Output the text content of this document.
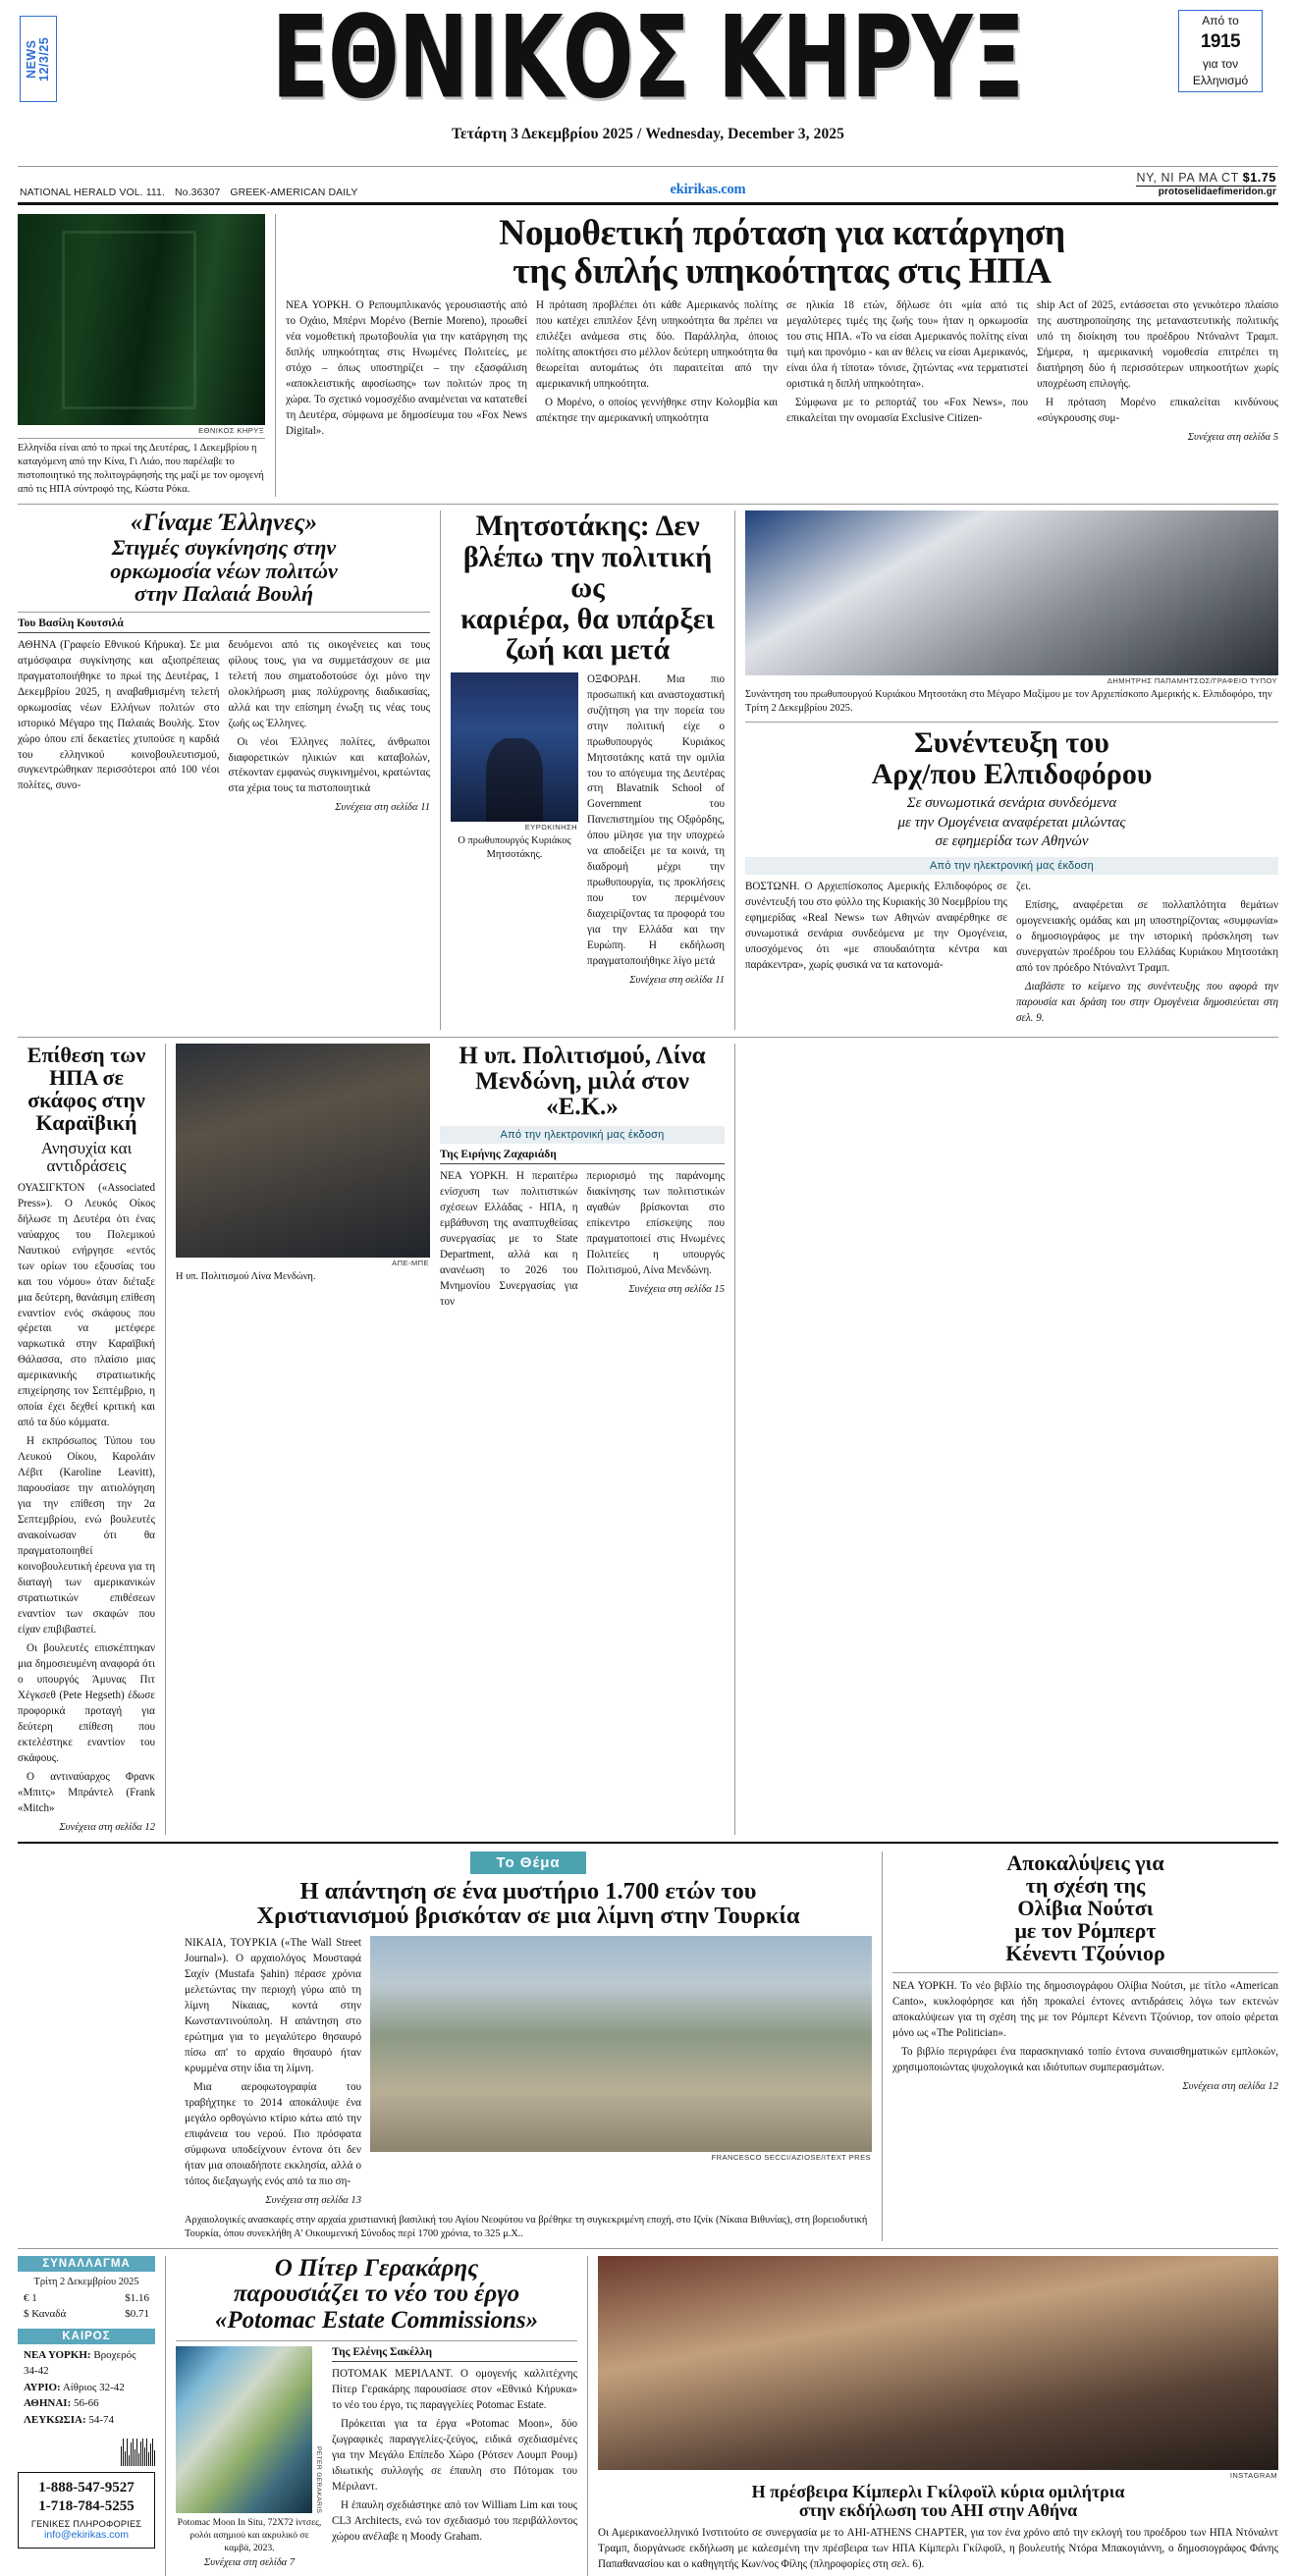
NEWS 12/3/25
Από το
1915
για τον
Ελληνισμό
ΕΘΝΙΚΟΣ ΚΗΡΥΞ
Τετάρτη 3 Δεκεμβρίου 2025 / Wednesday, December 3, 2025
NATIONAL HERALD VOL. 111. No.36307 GREEK-AMERICAN DAILY	ekirikas.com
NY, NI PA MA CT $1.75
protoselidaefimeridon.gr
ΕΘΝΙΚΟΣ ΚΗΡΥΞ
Ελληνίδα είναι από το πρωί της Δευτέρας, 1 Δεκεμβρίου η καταγόμενη από την Κίνα, Γι Λιάο, που παρέλαβε το πιστοποιητικό της πολιτογράφησής της μαζί με τον ομογενή από τις ΗΠΑ σύντροφό της, Κώστα Ρόκα.
Νομοθετική πρόταση για κατάργηση
της διπλής υπηκοότητας στις ΗΠΑ

ΝΕΑ ΥΟΡΚΗ. Ο Ρεπουμπλικανός γερουσιαστής από το Οχάιο, Μπέρνι Μορένο (Bernie Moreno), προωθεί νέα νομοθετική πρωτοβουλία για την κατάργηση της διπλής υπηκοότητας στις Ηνωμένες Πολιτείες, με στόχο – όπως υποστηρίζει – την εξασφάλιση «αποκλειστικής αφοσίωσης» των πολιτών προς τη χώρα. Το σχετικό νομοσχέδιο αναμένεται να κατατεθεί τη Δευτέρα, σύμφωνα με δημοσίευμα του «Fox News Digital».

Η πρόταση προβλέπει ότι κάθε Αμερικανός πολίτης που κατέχει επιπλέον ξένη υπηκοότητα θα πρέπει να επιλέξει ανάμεσα στις δύο. Παράλληλα, όποιος πολίτης αποκτήσει στο μέλλον δεύτερη υπηκοότητα θα θεωρείται αυτομάτως ότι παραιτείται από την αμερικανική υπηκοότητα.

Ο Μορένο, ο οποίος γεννήθηκε στην Κολομβία και απέκτησε την αμερικανική υπηκοότητα

σε ηλικία 18 ετών, δήλωσε ότι «μία από τις μεγαλύτερες τιμές της ζωής του» ήταν η ορκωμοσία του στις ΗΠΑ. «Το να είσαι Αμερικανός πολίτης είναι τιμή και προνόμιο - και αν θέλεις να είσαι Αμερικανός, είναι όλα ή τίποτα» τόνισε, ζητώντας «να τερματιστεί οριστικά η διπλή υπηκοότητα».

Σύμφωνα με το ρεπορτάζ του «Fox News», που επικαλείται την ονομασία Exclusive Citizen-

ship Act of 2025, εντάσσεται στο γενικότερο πλαίσιο της αυστηροποίησης της μεταναστευτικής πολιτικής υπό τη διοίκηση του προέδρου Ντόναλντ Τραμπ. Σήμερα, η αμερικανική νομοθεσία επιτρέπει τη διατήρηση δύο ή περισσότερων υπηκοοτήτων χωρίς υποχρέωση επιλογής.

Η πρόταση Μορένο επικαλείται κινδύνους «σύγκρουσης συμ-

Συνέχεια στη σελίδα 5
«Γίναμε Έλληνες»
Στιγμές συγκίνησης στην
ορκωμοσία νέων πολιτών
στην Παλαιά Βουλή
Του Βασίλη Κουτσιλά

ΑΘΗΝΑ (Γραφείο Εθνικού Κήρυκα). Σε μια ατμόσφαιρα συγκίνησης και αξιοπρέπειας πραγματοποιήθηκε το πρωί της Δευτέρας, 1 Δεκεμβρίου 2025, η αναβαθμισμένη τελετή ορκωμοσίας νέων Ελλήνων πολιτών στο ιστορικό Μέγαρο της Παλαιάς Βουλής. Στον χώρο όπου επί δεκαετίες χτυπούσε η καρδιά του ελληνικού κοινοβουλευτισμού, συγκεντρώθηκαν περισσότεροι από 100 νέοι πολίτες, συνο-

δευόμενοι από τις οικογένειες και τους φίλους τους, για να συμμετάσχουν σε μια τελετή που σηματοδοτούσε όχι μόνο την ολοκλήρωση μιας πολύχρονης διαδικασίας, αλλά και την επίσημη ένωξη τις νέας τους ζωής ως Έλληνες.

Οι νέοι Έλληνες πολίτες, άνθρωποι διαφορετικών ηλικιών και καταβολών, στέκονταν εμφανώς συγκινημένοι, κρατώντας στα χέρια τους τα πιστοποιητικά

Συνέχεια στη σελίδα 11
Μητσοτάκης: Δεν
βλέπω την πολιτική ως
καριέρα, θα υπάρξει
ζωή και μετά
ΕΥΡΩΚΙΝΗΣΗ
Ο πρωθυπουργός Κυριάκος Μητσοτάκης.

ΟΞΦΟΡΔΗ. Μια πιο προσωπική και αναστοχαστική συζήτηση για την πορεία του στην πολιτική είχε ο πρωθυπουργός Κυριάκος Μητσοτάκης κατά την ομιλία του το απόγευμα της Δευτέρας στη Blavatnik School of Government του Πανεπιστημίου της Οξφόρδης, όπου μίλησε για την υποχρεώ να αποδείξει με τα κοινά, τη διαδρομή μέχρι την πρωθυπουργία, τις προκλήσεις που τον περιμένουν διαχειρίζοντας τα προφορά του για την Ελλάδα και την Ευρώπη. Η εκδήλωση πραγματοποιήθηκε λίγο μετά

Συνέχεια στη σελίδα 11
ΔΗΜΗΤΡΗΣ ΠΑΠΑΜΗΤΣΟΣ/ΓΡΑΦΕΙΟ ΤΥΠΟΥ
Συνάντηση του πρωθυπουργού Κυριάκου Μητσοτάκη στο Μέγαρο Μαξίμου με τον Αρχιεπίσκοπο Αμερικής κ. Ελπιδοφόρο, την Τρίτη 2 Δεκεμβρίου 2025.
Συνέντευξη του
Αρχ/που Ελπιδοφόρου
Σε συνωμοτικά σενάρια συνδεόμενα
με την Ομογένεια αναφέρεται μιλώντας
σε εφημερίδα των Αθηνών
Από την ηλεκτρονική μας έκδοση

ΒΟΣΤΩΝΗ. Ο Αρχιεπίσκοπος Αμερικής Ελπιδοφόρος σε συνέντευξή του στο φύλλο της Κυριακής 30 Νοεμβρίου της εφημερίδας «Real News» των Αθηνών αναφέρθηκε σε συνωμοτικά σενάρια συνδεόμενα με την Ομογένεια, υποσχόμενος ότι «με σπουδαιότητα κέντρα και παράκεντρα», χωρίς φυσικά να τα κατονομά-

ζει.

Επίσης, αναφέρεται σε πολλαπλότητα θεμάτων ομογενειακής ομάδας και μη υποστηρίζοντας «συμφωνία» ο δημοσιογράφος με την ιστορική πρόσκληση των συνεργατών προέδρου του Ελλάδας Κυριάκου Μητσοτάκη από τον πρόεδρο Ντόναλντ Τραμπ.

Διαβάστε το κείμενο της συνέντευξης που αφορά την παρουσία και δράση του στην Ομογένεια δημοσιεύεται στη σελ. 9.

Επίθεση των
ΗΠΑ σε
σκάφος στην
Καραϊβική
Ανησυχία και
αντιδράσεις

ΟΥΑΣΙΓΚΤΟΝ («Associated Press»). Ο Λευκός Οίκος δήλωσε τη Δευτέρα ότι ένας ναύαρχος του Πολεμικού Ναυτικού ενήργησε «εντός των ορίων του εξουσίας του και του νόμου» όταν διέταξε μια δεύτερη, θανάσιμη επίθεση εναντίον ενός σκάφους που φέρεται να μετέφερε ναρκωτικά στην Καραϊβική Θάλασσα, στο πλαίσιο μιας αμερικανικής στρατιωτικής επιχείρησης τον Σεπτέμβριο, η οποία έχει δεχθεί κριτική και από τα δύο κόμματα.

Η εκπρόσωπος Τύπου του Λευκού Οίκου, Καρολάιν Λέβιτ (Karoline Leavitt), παρουσίασε την αιτιολόγηση για την επίθεση την 2α Σεπτεμβρίου, ενώ βουλευτές ανακοίνωσαν ότι θα πραγματοποιηθεί κοινοβουλευτική έρευνα για τη διαταγή των αμερικανικών στρατιωτικών επιθέσεων εναντίον των σκαφών που είχαν επιβιβαστεί.

Οι βουλευτές επισκέπτηκαν μια δημοσιευμένη αναφορά ότι ο υπουργός Άμυνας Πιτ Χέγκσεθ (Pete Hegseth) έδωσε προφορικά προταγή για δεύτερη επίθεση που εκτελέστηκε εναντίον του σκάφους.

Ο αντιναύαρχος Φρανκ «Μπιτς» Μπράντελ (Frank «Mitch»

Συνέχεια στη σελίδα 12
ΑΠΕ-ΜΠΕ
Η υπ. Πολιτισμού Λίνα Μενδώνη.
Η υπ. Πολιτισμού, Λίνα
Μενδώνη, μιλά στον «Ε.Κ.»
Από την ηλεκτρονική μας έκδοση
Της Ειρήνης Ζαχαριάδη

ΝΕΑ ΥΟΡΚΗ. Η περαιτέρω ενίσχυση των πολιτιστικών σχέσεων Ελλάδας - ΗΠΑ, η εμβάθυνση της αναπτυχθείσας συνεργασίας με το State Department, αλλά και η ανανέωση το 2026 του Μνημονίου Συνεργασίας για τον

περιορισμό της παράνομης διακίνησης των πολιτιστικών αγαθών βρίσκονται στο επίκεντρο επίσκεψης που πραγματοποιεί στις Ηνωμένες Πολιτείες η υπουργός Πολιτισμού, Λίνα Μενδώνη.

Συνέχεια στη σελίδα 15
Το Θέμα
Η απάντηση σε ένα μυστήριο 1.700 ετών του
Χριστιανισμού βρισκόταν σε μια λίμνη στην Τουρκία

ΝΙΚΑΙΑ, ΤΟΥΡΚΙΑ («The Wall Street Journal»). Ο αρχαιολόγος Μουσταφά Σαχίν (Mustafa Şahin) πέρασε χρόνια μελετώντας την περιοχή γύρω από τη λίμνη Νίκαιας, κοντά στην Κωνσταντινούπολη. Η απάντηση στο ερώτημα για το μεγαλύτερο θησαυρό πίσω απ' το αρχαίο θησαυρό ήταν κρυμμένα στην ίδια τη λίμνη.

Μια αεροφωτογραφία του τραβήχτηκε το 2014 αποκάλυψε ένα μεγάλο ορθογώνιο κτίριο κάτω από την επιφάνεια του νερού. Πιο πρόσφατα σύμφωνα υποδείχνουν έντονα ότι δεν ήταν μια οποιαδήποτε εκκλησία, αλλά ο τόπος διεξαγωγής ενός από τα πιο ση-

Συνέχεια στη σελίδα 13
FRANCESCO SECCI/AZIOSE/ITEXT PRES
Αρχαιολογικές ανασκαφές στην αρχαία χριστιανική βασιλική του Αγίου Νεοφύτου να βρέθηκε τη συγκεκριμένη εποχή, στο Ιζνίκ (Νίκαια Βιθυνίας), στη βορειοδυτική Τουρκία, όπου συνεκλήθη Α' Οικουμενική Σύνοδος περί 1700 χρόνια, το 325 μ.Χ..
Αποκαλύψεις για
τη σχέση της
Ολίβια Νούτσι
με τον Ρόμπερτ
Κένεντι Τζούνιορ

ΝΕΑ ΥΟΡΚΗ. Το νέο βιβλίο της δημοσιογράφου Ολίβια Νούτσι, με τίτλο «American Canto», κυκλοφόρησε και ήδη προκαλεί έντονες αντιδράσεις λόγω των εκτενών αποκαλύψεων για τη σχέση της με τον Ρόμπερτ Κένεντι Τζούνιορ, τον οποίο φέρεται μόνο ως «The Politician».

Το βιβλίο περιγράφει ένα παρασκηνιακό τοπίο έντονα συναισθηματικών εμπλοκών, χρησιμοποιώντας ψυχολογικά και ιδιότυπων συμπερασμάτων.

Συνέχεια στη σελίδα 12
ΣΥΝΑΛΛΑΓΜΑ
Τρίτη 2 Δεκεμβρίου 2025
€ 1	$1.16
$ Καναδά	$0.71
ΚΑΙΡΟΣ
ΝΕΑ ΥΟΡΚΗ: Βροχερός 34-42
ΑΥΡΙΟ: Αίθριος 32-42
ΑΘΗΝΑΙ: 56-66
ΛΕΥΚΩΣΙΑ: 54-74
1-888-547-9527
1-718-784-5255
ΓΕΝΙΚΕΣ ΠΛΗΡΟΦΟΡΙΕΣ
info@ekirikas.com
Ο Πίτερ Γερακάρης
παρουσιάζει το νέο του έργο
«Potomac Estate Commissions»
PETER GERAKARIS
Potomac Moon In Situ, 72X72 ίντσες, ρολόι ασημιού και ακρυλικό σε καμβά, 2023.
Συνέχεια στη σελίδα 7
Της Ελένης Σακέλλη

ΠΟΤΟΜΑΚ ΜΕΡΙΛΑΝΤ. Ο ομογενής καλλιτέχνης Πίτερ Γερακάρης παρουσίασε στον «Εθνικό Κήρυκα» το νέο του έργο, τις παραγγελίες Potomac Estate.

Πρόκειται για τα έργα «Potomac Moon», δύο ζωγραφικές παραγγελίες-ζεύγος, ειδικά σχεδιασμένες για την Μεγάλο Επίπεδο Χώρο (Ρότσεν Λουμπ Ρουμ) ιδιωτικής συλλογής σε έπαυλη στο Πότομακ του Μέριλαντ.

Η έπαυλη σχεδιάστηκε από τον William Lim και τους CL3 Architects, ενώ τον σχεδιασμό του περιβάλλοντος χώρου ανέλαβε η Moody Graham.

INSTAGRAM
Η πρέσβειρα Κίμπερλι Γκίλφοϊλ κύρια ομιλήτρια
στην εκδήλωση του ΑΗΙ στην Αθήνα

Οι Αμερικανοελληνικό Ινστιτούτο σε συνεργασία με το AHI-ATHENS CHAPTER, για τον ένα χρόνο από την εκλογή του προέδρου των ΗΠΑ Ντόναλντ Τραμπ, διοργάνωσε εκδήλωση με καλεσμένη την πρέσβειρα των ΗΠΑ Κίμπερλι Γκίλφοϊλ, η βουλευτής Ντόρα Μπακογιάννη, ο δημοσιογράφος Φάνης Παπαθανασίου και ο καθηγητής Κων/νος Φίλης (πληροφορίες στη σελ. 6).
